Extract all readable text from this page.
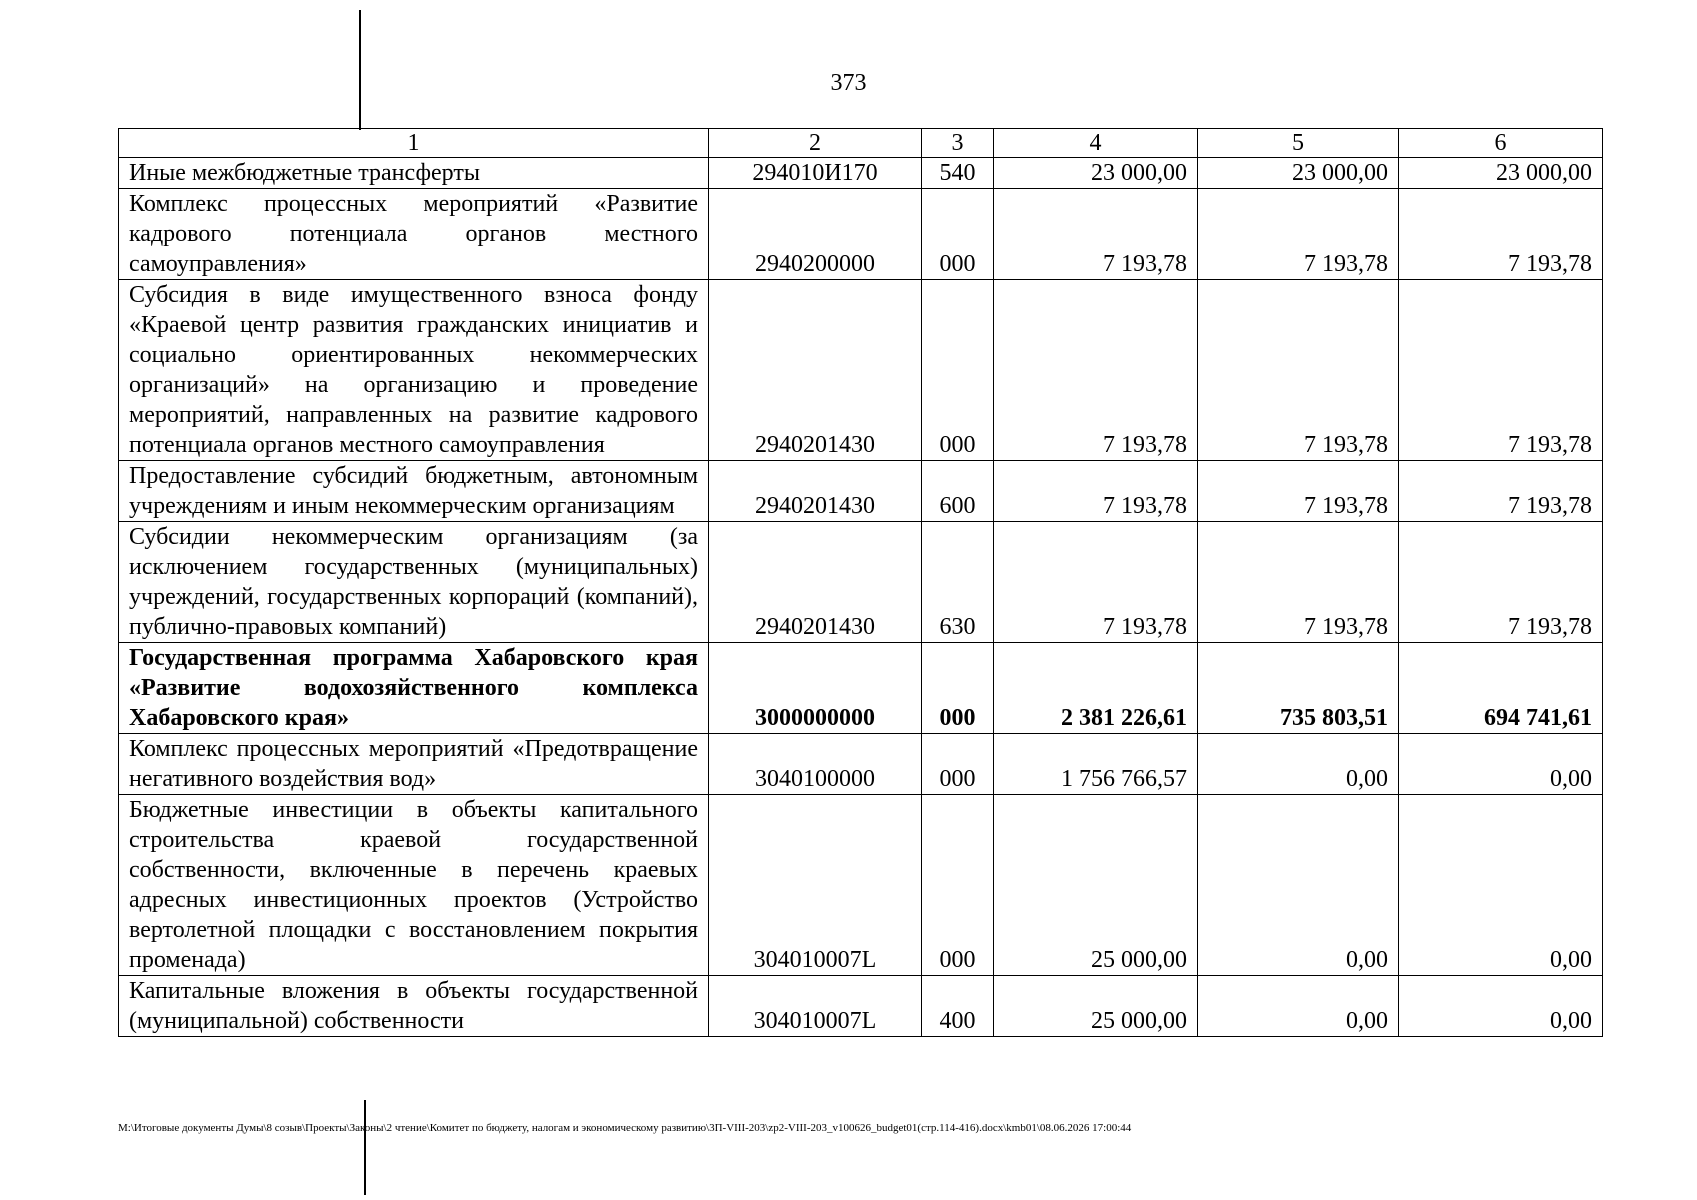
373
1	2	3	4	5	6
Иные межбюджетные трансферты	294010И170	540	23 000,00	23 000,00	23 000,00
Комплекс процессных мероприятий «Развитие кадрового потенциала органов местного самоуправления»	2940200000	000	7 193,78	7 193,78	7 193,78
Субсидия в виде имущественного взноса фонду «Краевой центр развития гражданских инициатив и социально ориентированных некоммерческих организаций» на организацию и проведение мероприятий, направленных на развитие кадрового потенциала органов местного самоуправления	2940201430	000	7 193,78	7 193,78	7 193,78
Предоставление субсидий бюджетным, автономным учреждениям и иным некоммерческим организациям	2940201430	600	7 193,78	7 193,78	7 193,78
Субсидии некоммерческим организациям (за исключением государственных (муниципальных) учреждений, государственных корпораций (компаний), публично-правовых компаний)	2940201430	630	7 193,78	7 193,78	7 193,78
Государственная программа Хабаровского края «Развитие водохозяйственного комплекса Хабаровского края»	3000000000	000	2 381 226,61	735 803,51	694 741,61
Комплекс процессных мероприятий «Предотвращение негативного воздействия вод»	3040100000	000	1 756 766,57	0,00	0,00
Бюджетные инвестиции в объекты капитального строительства краевой государственной собственности, включенные в перечень краевых адресных инвестиционных проектов (Устройство вертолетной площадки с восстановлением покрытия променада)	304010007L	000	25 000,00	0,00	0,00
Капитальные вложения в объекты государственной (муниципальной) собственности	304010007L	400	25 000,00	0,00	0,00
M:\Итоговые документы Думы\8 созыв\Проекты\Законы\2 чтение\Комитет по бюджету, налогам и экономическому развитию\3П-VIII-203\zp2-VIII-203_v100626_budget01(стр.114-416).docx\kmb01\08.06.2026 17:00:44
